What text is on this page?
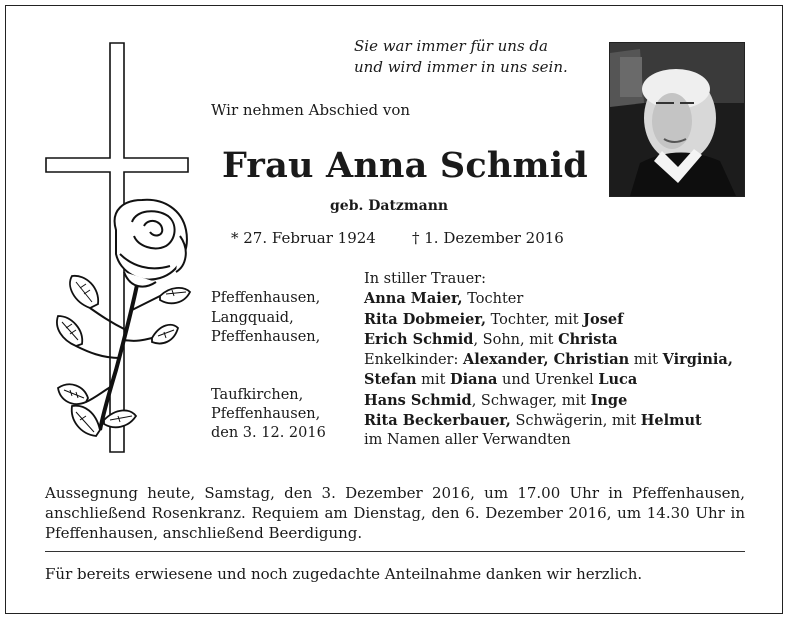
Sie war immer für uns da
und wird immer in uns sein.
Wir nehmen Abschied von
Frau Anna Schmid
geb. Datzmann
* 27. Februar 1924 † 1. Dezember 2016

Pfeffenhausen,
Langquaid,
Pfeffenhausen,

Taufkirchen,
Pfeffenhausen,
den 3. 12. 2016
In stiller Trauer:
Anna Maier, Tochter
Rita Dobmeier, Tochter, mit Josef
Erich Schmid, Sohn, mit Christa
Enkelkinder: Alexander, Christian mit Virginia,
Stefan mit Diana und Urenkel Luca
Hans Schmid, Schwager, mit Inge
Rita Beckerbauer, Schwägerin, mit Helmut
im Namen aller Verwandten
Aussegnung heute, Samstag, den 3. Dezember 2016, um 17.00 Uhr in Pfeffenhausen, anschließend Rosenkranz. Requiem am Dienstag, den 6. Dezember 2016, um 14.30 Uhr in Pfeffenhausen, anschließend Beerdigung.
Für bereits erwiesene und noch zugedachte Anteilnahme danken wir herzlich.
